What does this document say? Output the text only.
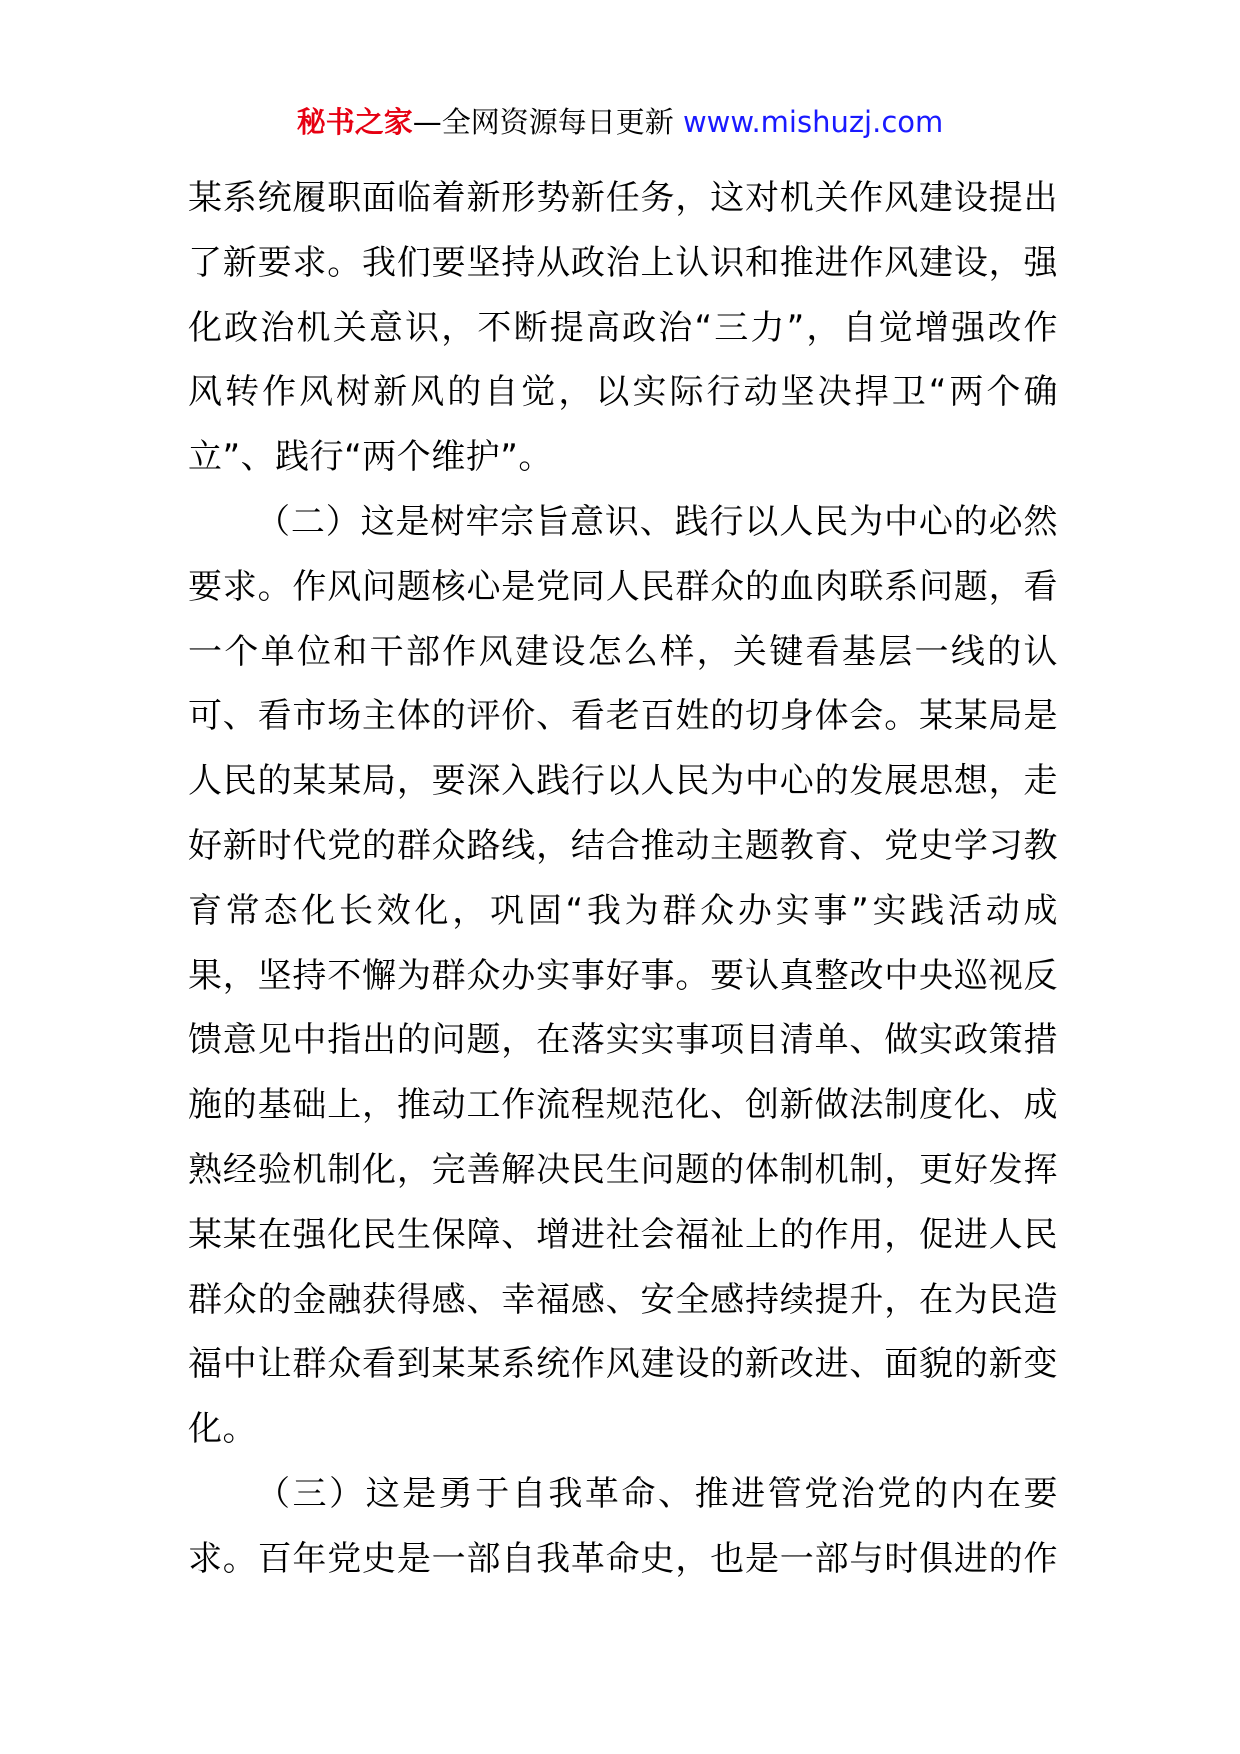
秘书之家—全网资源每日更新 www.mishuzj.com
某系统履职面临着新形势新任务，这对机关作风建设提出
了新要求。我们要坚持从政治上认识和推进作风建设，强
化政治机关意识，不断提高政治“三力”，自觉增强改作
风转作风树新风的自觉，以实际行动坚决捍卫“两个确
立”、践行“两个维护”。
（二）这是树牢宗旨意识、践行以人民为中心的必然
要求。作风问题核心是党同人民群众的血肉联系问题，看
一个单位和干部作风建设怎么样，关键看基层一线的认
可、看市场主体的评价、看老百姓的切身体会。某某局是
人民的某某局，要深入践行以人民为中心的发展思想，走
好新时代党的群众路线，结合推动主题教育、党史学习教
育常态化长效化，巩固“我为群众办实事”实践活动成
果，坚持不懈为群众办实事好事。要认真整改中央巡视反
馈意见中指出的问题，在落实实事项目清单、做实政策措
施的基础上，推动工作流程规范化、创新做法制度化、成
熟经验机制化，完善解决民生问题的体制机制，更好发挥
某某在强化民生保障、增进社会福祉上的作用，促进人民
群众的金融获得感、幸福感、安全感持续提升，在为民造
福中让群众看到某某系统作风建设的新改进、面貌的新变
化。
（三）这是勇于自我革命、推进管党治党的内在要
求。百年党史是一部自我革命史，也是一部与时俱进的作
